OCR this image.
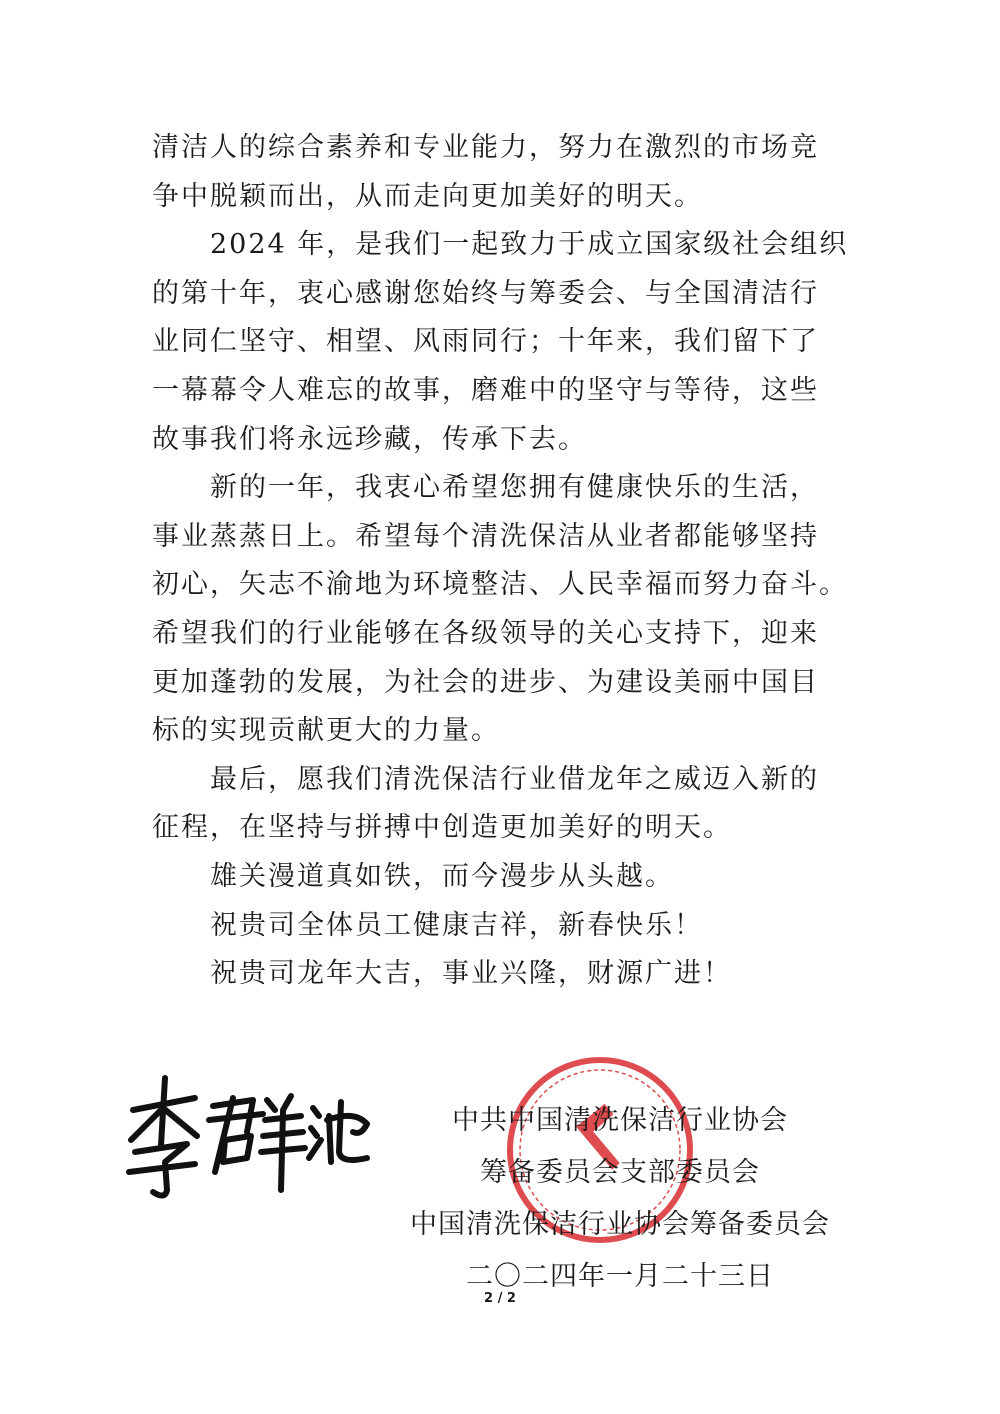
清洁人的综合素养和专业能力，努力在激烈的市场竞
争中脱颖而出，从而走向更加美好的明天。

2024 年，是我们一起致力于成立国家级社会组织
的第十年，衷心感谢您始终与筹委会、与全国清洁行
业同仁坚守、相望、风雨同行；十年来，我们留下了
一幕幕令人难忘的故事，磨难中的坚守与等待，这些
故事我们将永远珍藏，传承下去。

新的一年，我衷心希望您拥有健康快乐的生活，
事业蒸蒸日上。希望每个清洗保洁从业者都能够坚持
初心，矢志不渝地为环境整洁、人民幸福而努力奋斗。
希望我们的行业能够在各级领导的关心支持下，迎来
更加蓬勃的发展，为社会的进步、为建设美丽中国目
标的实现贡献更大的力量。

最后，愿我们清洗保洁行业借龙年之威迈入新的
征程，在坚持与拼搏中创造更加美好的明天。

雄关漫道真如铁，而今漫步从头越。

祝贵司全体员工健康吉祥，新春快乐！

祝贵司龙年大吉，事业兴隆，财源广进！

中共中国清洗保洁行业协会
筹备委员会支部委员会
中国清洗保洁行业协会筹备委员会
二〇二四年一月二十三日
2 / 2
